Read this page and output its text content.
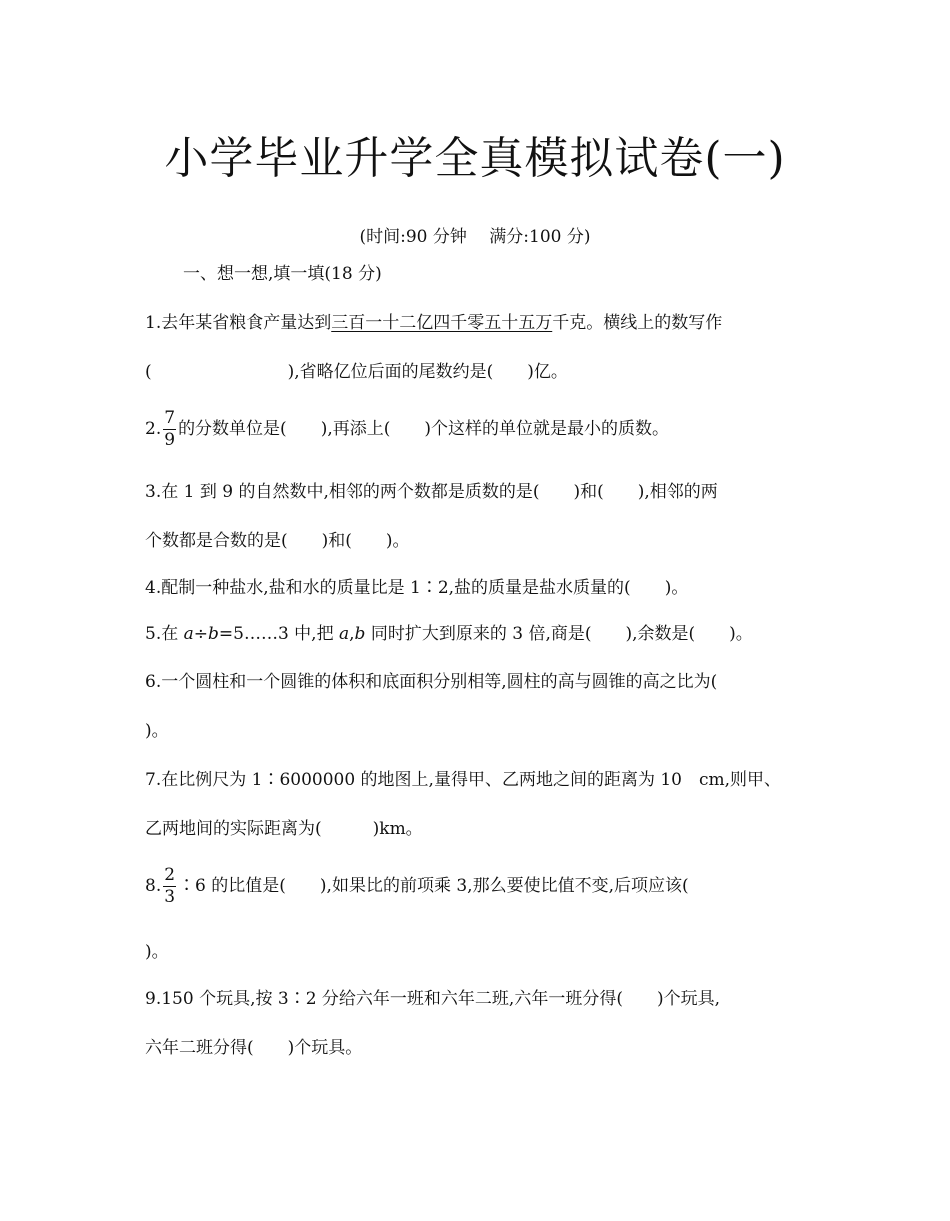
小学毕业升学全真模拟试卷(一)
(时间:90 分钟　 满分:100 分)
一、想一想,填一填(18 分)
1.去年某省粮食产量达到三百一十二亿四千零五十五万千克。横线上的数写作
(　　　　　　　　),省略亿位后面的尾数约是(　　)亿。
2. $\frac{7}{9}$ 的分数单位是(　　),再添上(　　)个这样的单位就是最小的质数。
3.在 1 到 9 的自然数中,相邻的两个数都是质数的是(　　)和(　　),相邻的两
个数都是合数的是(　　)和(　　)。
4.配制一种盐水,盐和水的质量比是 1∶2,盐的质量是盐水质量的(　　)。
5.在 a÷b=5……3 中,把 a,b 同时扩大到原来的 3 倍,商是(　　),余数是(　　)。
6.一个圆柱和一个圆锥的体积和底面积分别相等,圆柱的高与圆锥的高之比为(
)。
7.在比例尺为 1∶6000000 的地图上,量得甲、乙两地之间的距离为 10　cm,则甲、
乙两地间的实际距离为(　　　)km。
8. $\frac{2}{3}$ ∶6 的比值是(　　),如果比的前项乘 3,那么要使比值不变,后项应该(
)。
9.150 个玩具,按 3∶2 分给六年一班和六年二班,六年一班分得(　　)个玩具,
六年二班分得(　　)个玩具。
